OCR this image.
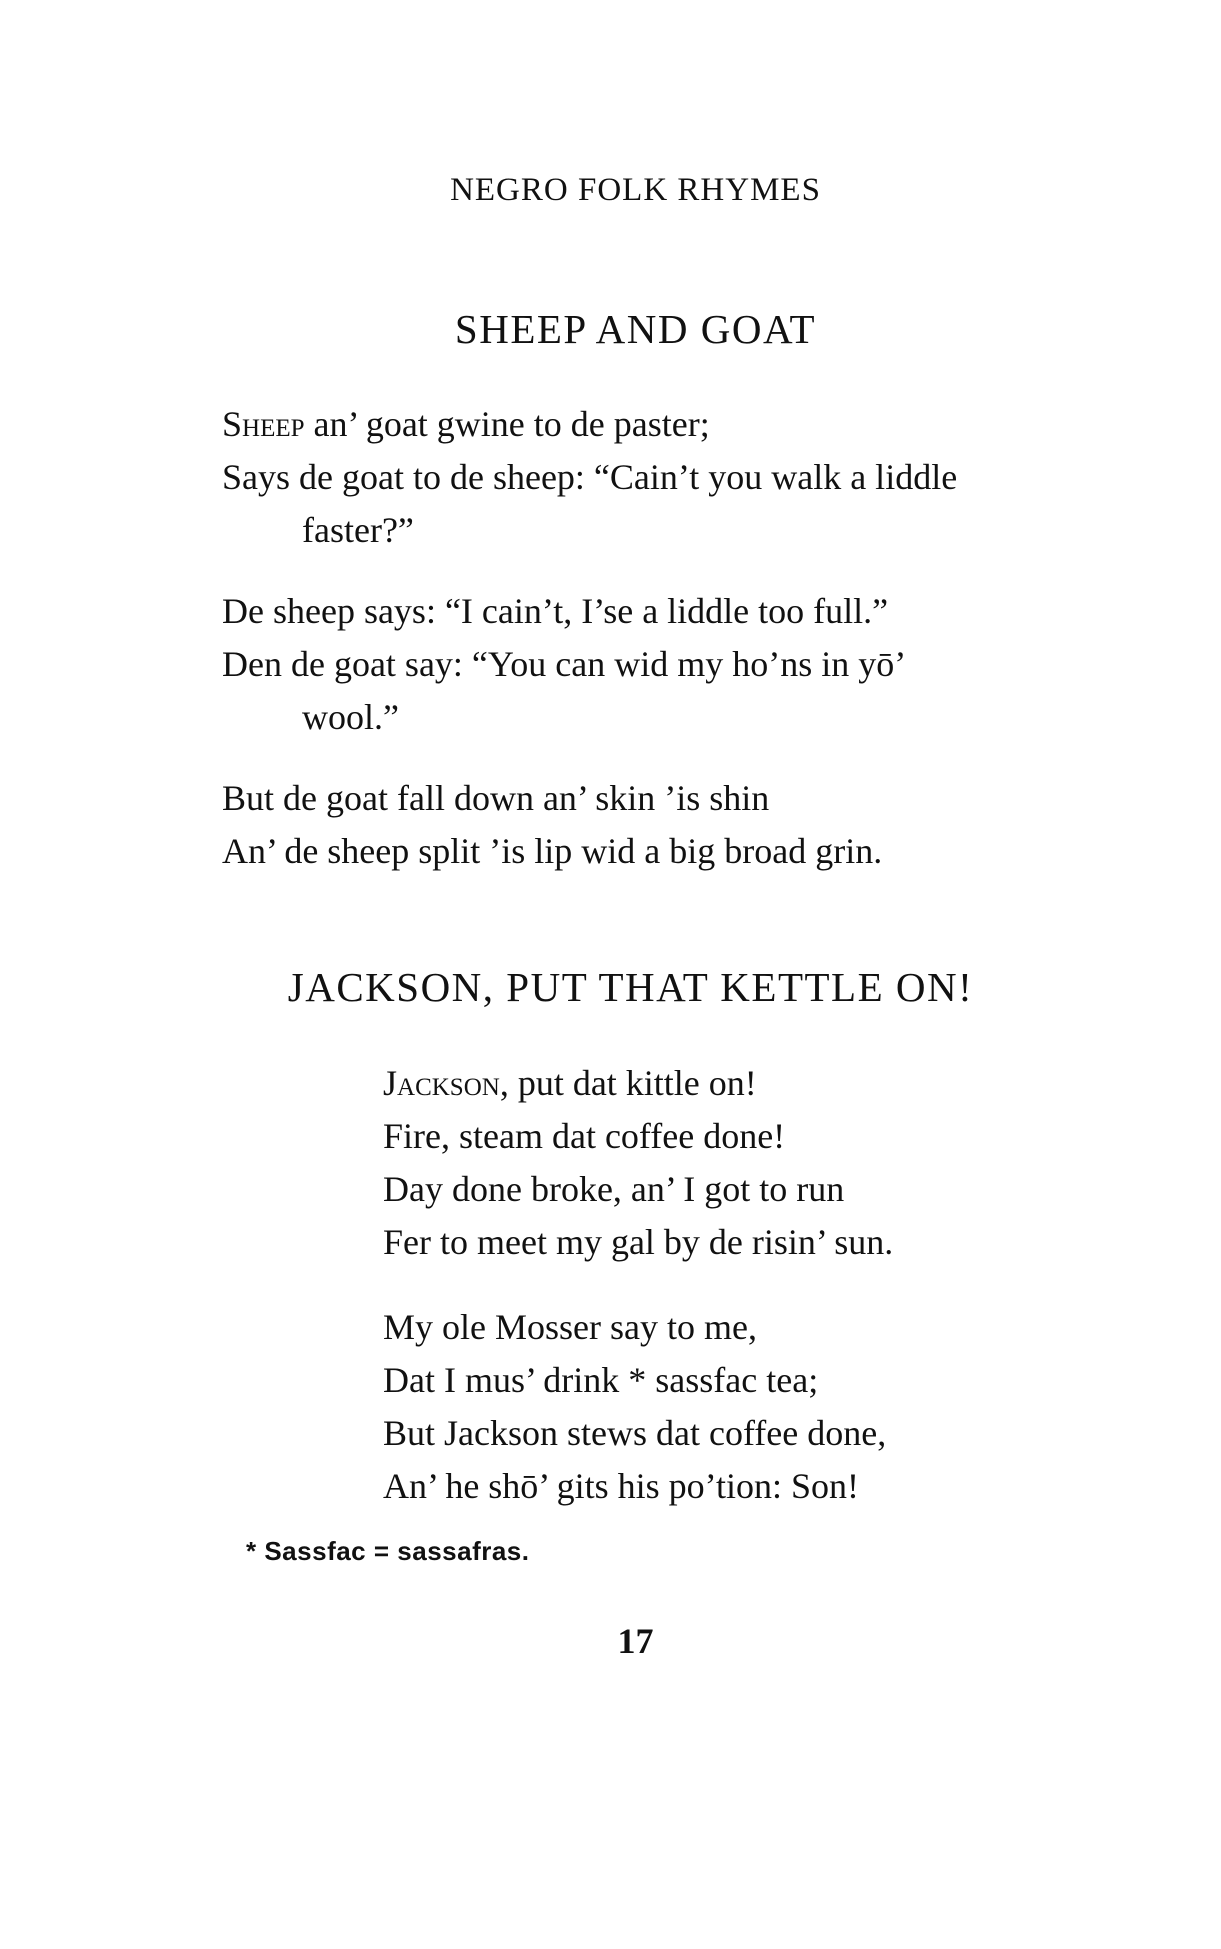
NEGRO FOLK RHYMES
SHEEP AND GOAT
Sheep an’ goat gwine to de paster;
Says de goat to de sheep: “Cain’t you walk a liddle
faster?”
De sheep says: “I cain’t, I’se a liddle too full.”
Den de goat say: “You can wid my ho’ns in yō’
wool.”
But de goat fall down an’ skin ’is shin
An’ de sheep split ’is lip wid a big broad grin.
JACKSON, PUT THAT KETTLE ON!
Jackson, put dat kittle on!
Fire, steam dat coffee done!
Day done broke, an’ I got to run
Fer to meet my gal by de risin’ sun.
My ole Mosser say to me,
Dat I mus’ drink * sassfac tea;
But Jackson stews dat coffee done,
An’ he shō’ gits his po’tion: Son!
* Sassfac = sassafras.
17
